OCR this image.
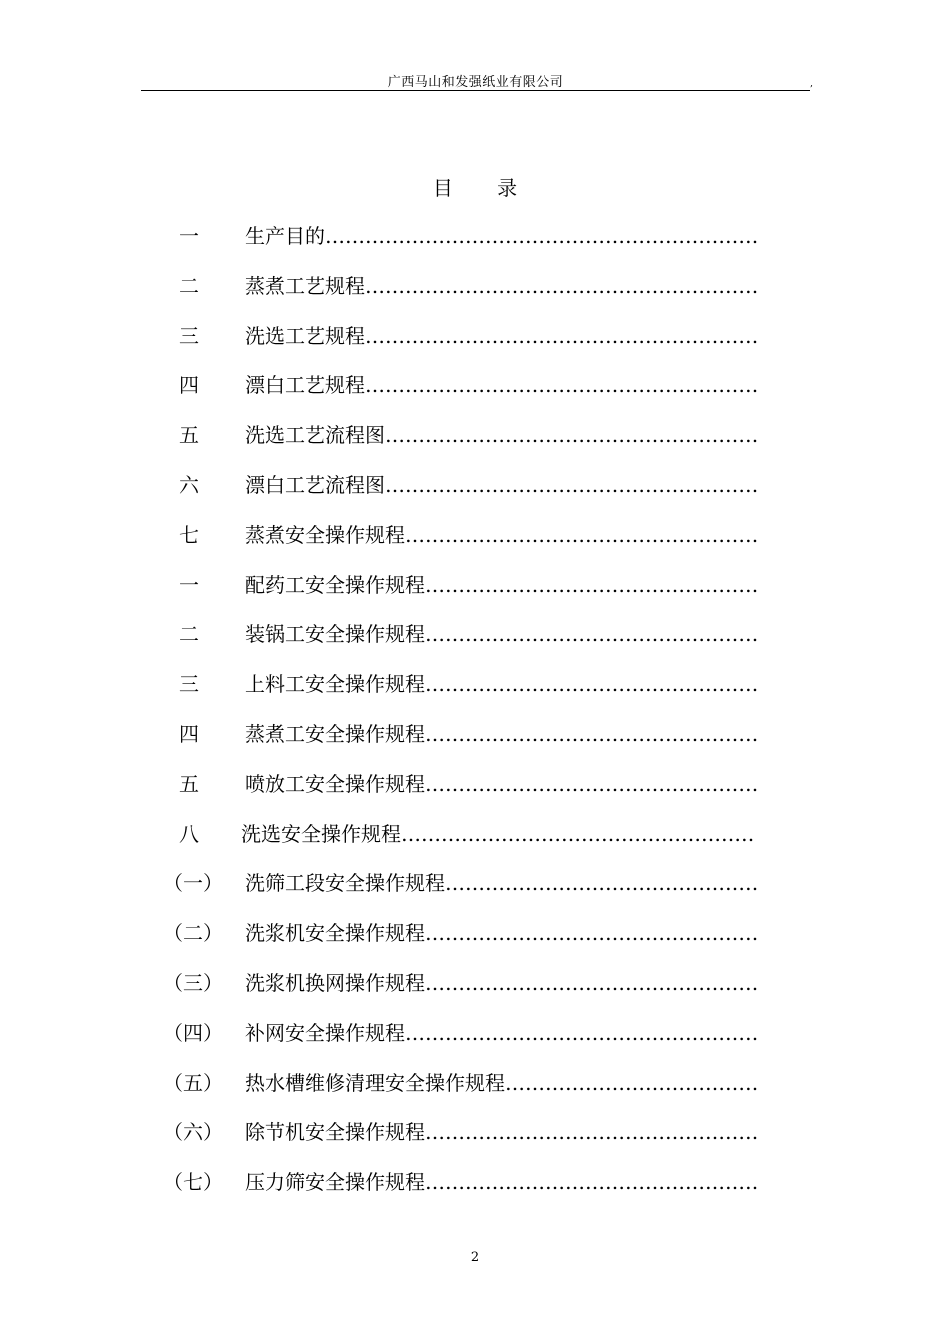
广西马山和发强纸业有限公司	,
目 录
一	生产目的 ……………………………………………………………………………………………………
二	蒸煮工艺规程 ……………………………………………………………………………………………………
三	洗选工艺规程 ……………………………………………………………………………………………………
四	漂白工艺规程 ……………………………………………………………………………………………………
五	洗选工艺流程图 ……………………………………………………………………………………………………
六	漂白工艺流程图 ……………………………………………………………………………………………………
七	蒸煮安全操作规程 ……………………………………………………………………………………………………
一	配药工安全操作规程 ……………………………………………………………………………………………………
二	装锅工安全操作规程 ……………………………………………………………………………………………………
三	上料工安全操作规程 ……………………………………………………………………………………………………
四	蒸煮工安全操作规程 ……………………………………………………………………………………………………
五	喷放工安全操作规程 ……………………………………………………………………………………………………
八	洗选安全操作规程 ……………………………………………………………………………………………………
（一） 洗筛工段安全操作规程 ……………………………………………………………………………………………………
（二） 洗浆机安全操作规程 ……………………………………………………………………………………………………
（三） 洗浆机换网操作规程 ……………………………………………………………………………………………………
（四） 补网安全操作规程 ……………………………………………………………………………………………………
（五） 热水槽维修清理安全操作规程 ……………………………………………………………………………………………………
（六） 除节机安全操作规程 ……………………………………………………………………………………………………
（七） 压力筛安全操作规程 ……………………………………………………………………………………………………
2
